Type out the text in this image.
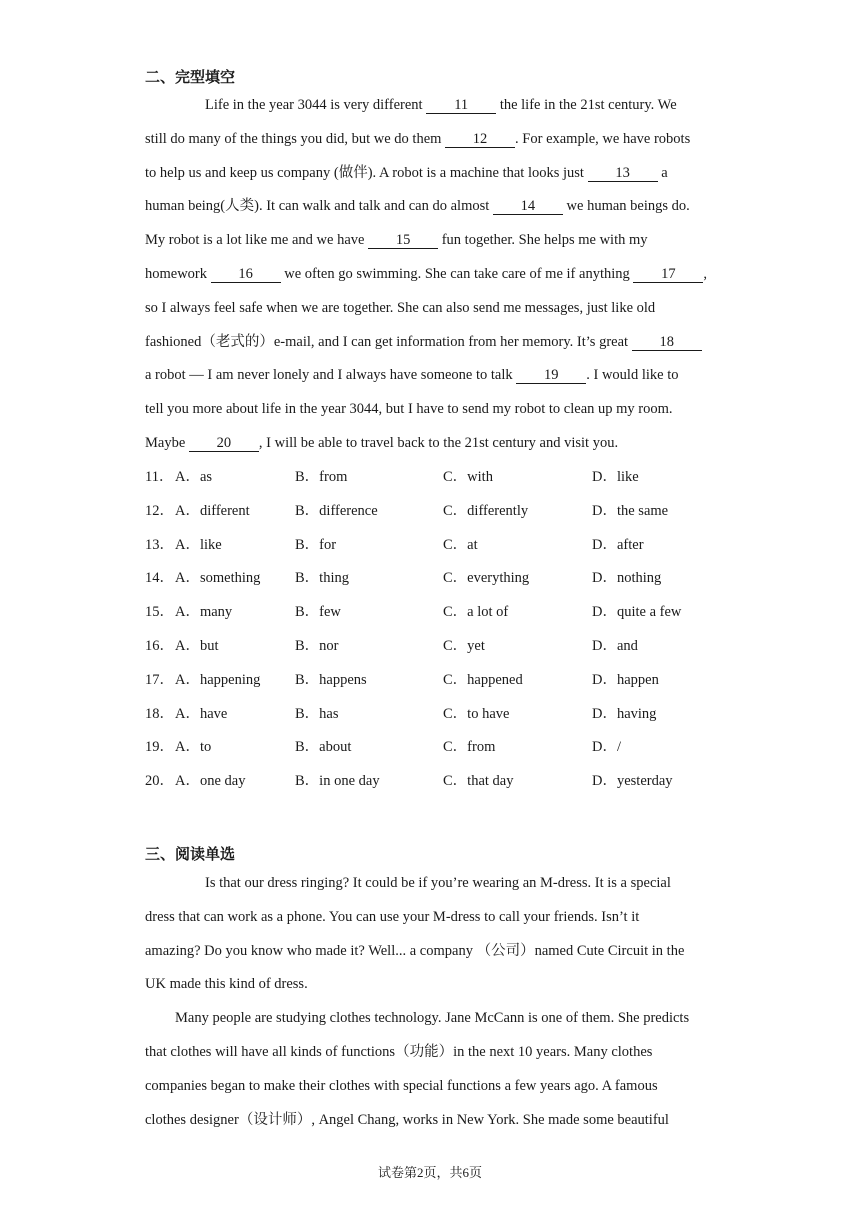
二、完型填空
Life in the year 3044 is very different 11 the life in the 21st century. We
still do many of the things you did, but we do them 12 . For example, we have robots
to help us and keep us company (做伴). A robot is a machine that looks just 13 a
human being(人类). It can walk and talk and can do almost 14 we human beings do.
My robot is a lot like me and we have 15 fun together. She helps me with my
homework 16 we often go swimming. She can take care of me if anything 17 ,
so I always feel safe when we are together. She can also send me messages, just like old
fashioned（老式的）e-mail, and I can get information from her memory. It’s great 18
a robot — I am never lonely and I always have someone to talk 19 . I would like to
tell you more about life in the year 3044, but I have to send my robot to clean up my room.
Maybe 20 , I will be able to travel back to the 21st century and visit you.
11． A．as	B．from	C．with	D．like
12． A．different	B．difference	C．differently	D．the same
13． A．like	B．for	C．at	D．after
14． A．something B．thing	C．everything	D．nothing
15． A．many	B．few	C．a lot of	D．quite a few
16． A．but	B．nor	C．yet	D．and
17． A．happening B．happens	C．happened	D．happen
18． A．have	B．has	C．to have	D．having
19． A．to	B．about	C．from	D．/
20． A．one day	B．in one day	C．that day	D．yesterday
三、阅读单选
Is that our dress ringing? It could be if you’re wearing an M-dress. It is a special
dress that can work as a phone. You can use your M-dress to call your friends. Isn’t it
amazing? Do you know who made it? Well... a company （公司）named Cute Circuit in the
UK made this kind of dress.
Many people are studying clothes technology. Jane McCann is one of them. She predicts
that clothes will have all kinds of functions（功能）in the next 10 years. Many clothes
companies began to make their clothes with special functions a few years ago. A famous
clothes designer（设计师）, Angel Chang, works in New York. She made some beautiful
试卷第2页，共6页
